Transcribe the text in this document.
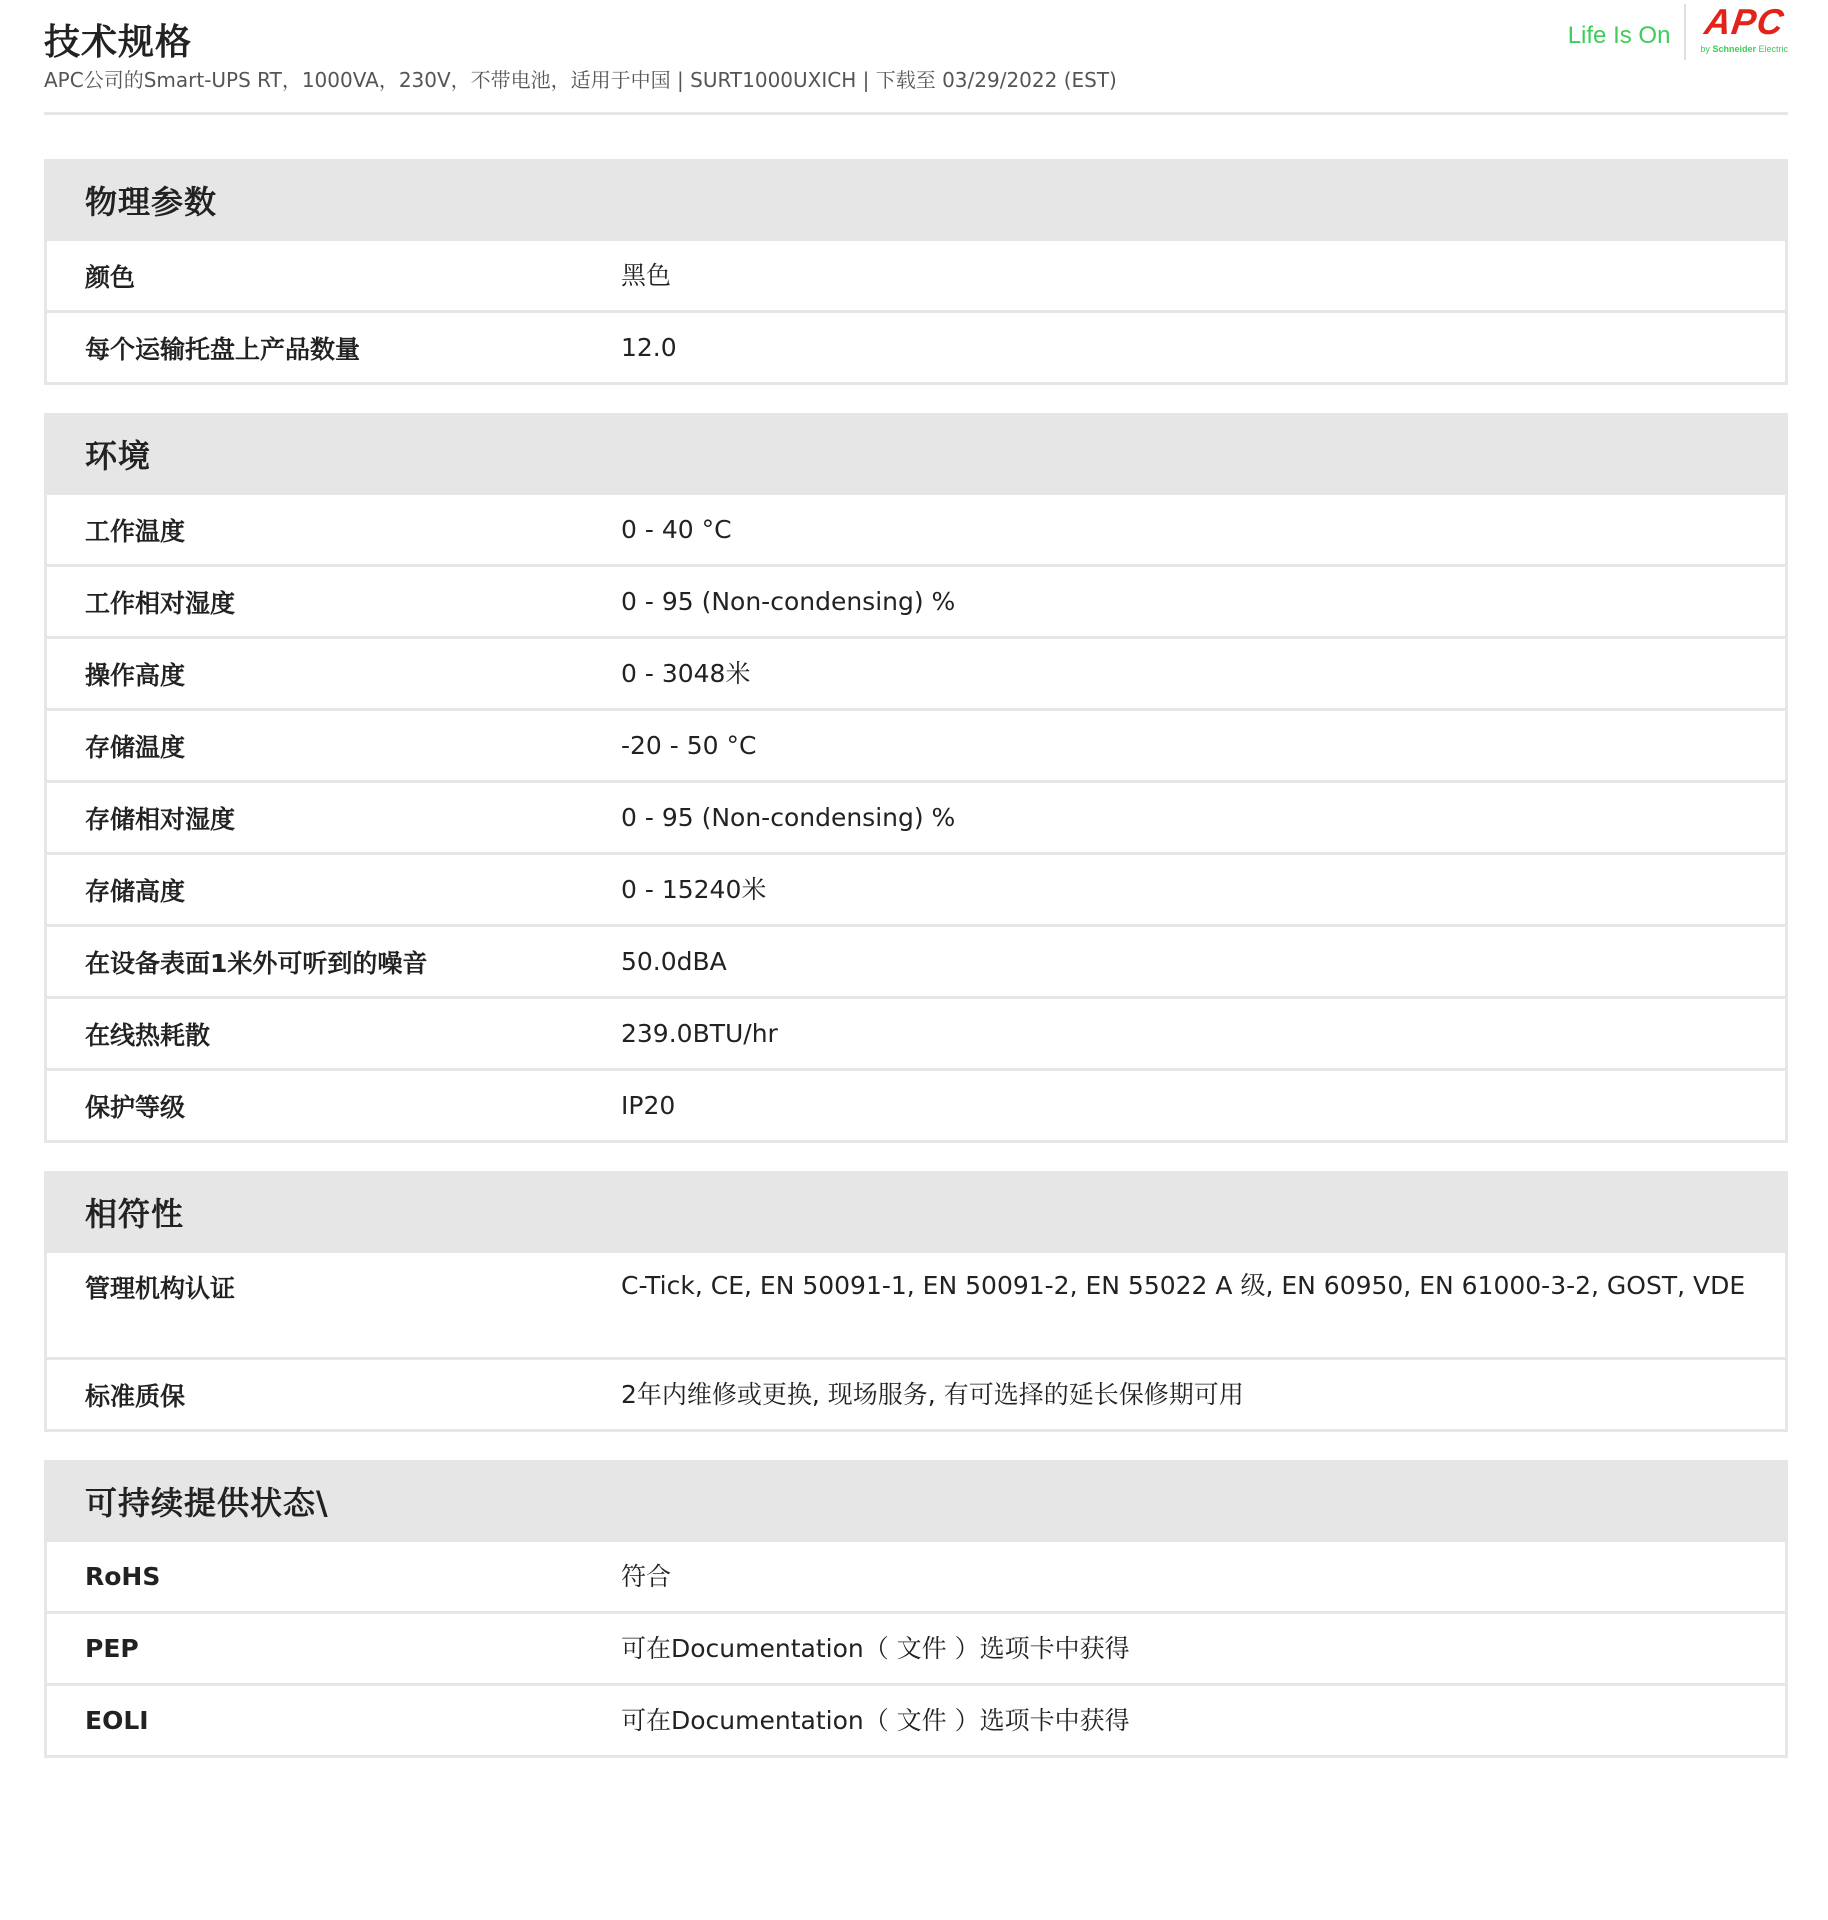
技术规格
APC公司的Smart-UPS RT，1000VA，230V，不带电池，适用于中国 | SURT1000UXICH | 下载至 03/29/2022 (EST)
Life Is On APC
by Schneider Electric
物理参数
颜色	黑色
每个运输托盘上产品数量	12.0
环境
工作温度	0 - 40 °C
工作相对湿度	0 - 95 (Non-condensing) %
操作高度	0 - 3048米
存储温度	-20 - 50 °C
存储相对湿度	0 - 95 (Non-condensing) %
存储高度	0 - 15240米
在设备表面1米外可听到的噪音	50.0dBA
在线热耗散	239.0BTU/hr
保护等级	IP20
相符性
管理机构认证	C-Tick, CE, EN 50091-1, EN 50091-2, EN 55022 A 级, EN 60950, EN 61000-3-2, GOST, VDE
标准质保	2年内维修或更换, 现场服务, 有可选择的延长保修期可用
可持续提供状态\
RoHS	符合
PEP	可在Documentation（ 文件 ）选项卡中获得
EOLI	可在Documentation（ 文件 ）选项卡中获得
